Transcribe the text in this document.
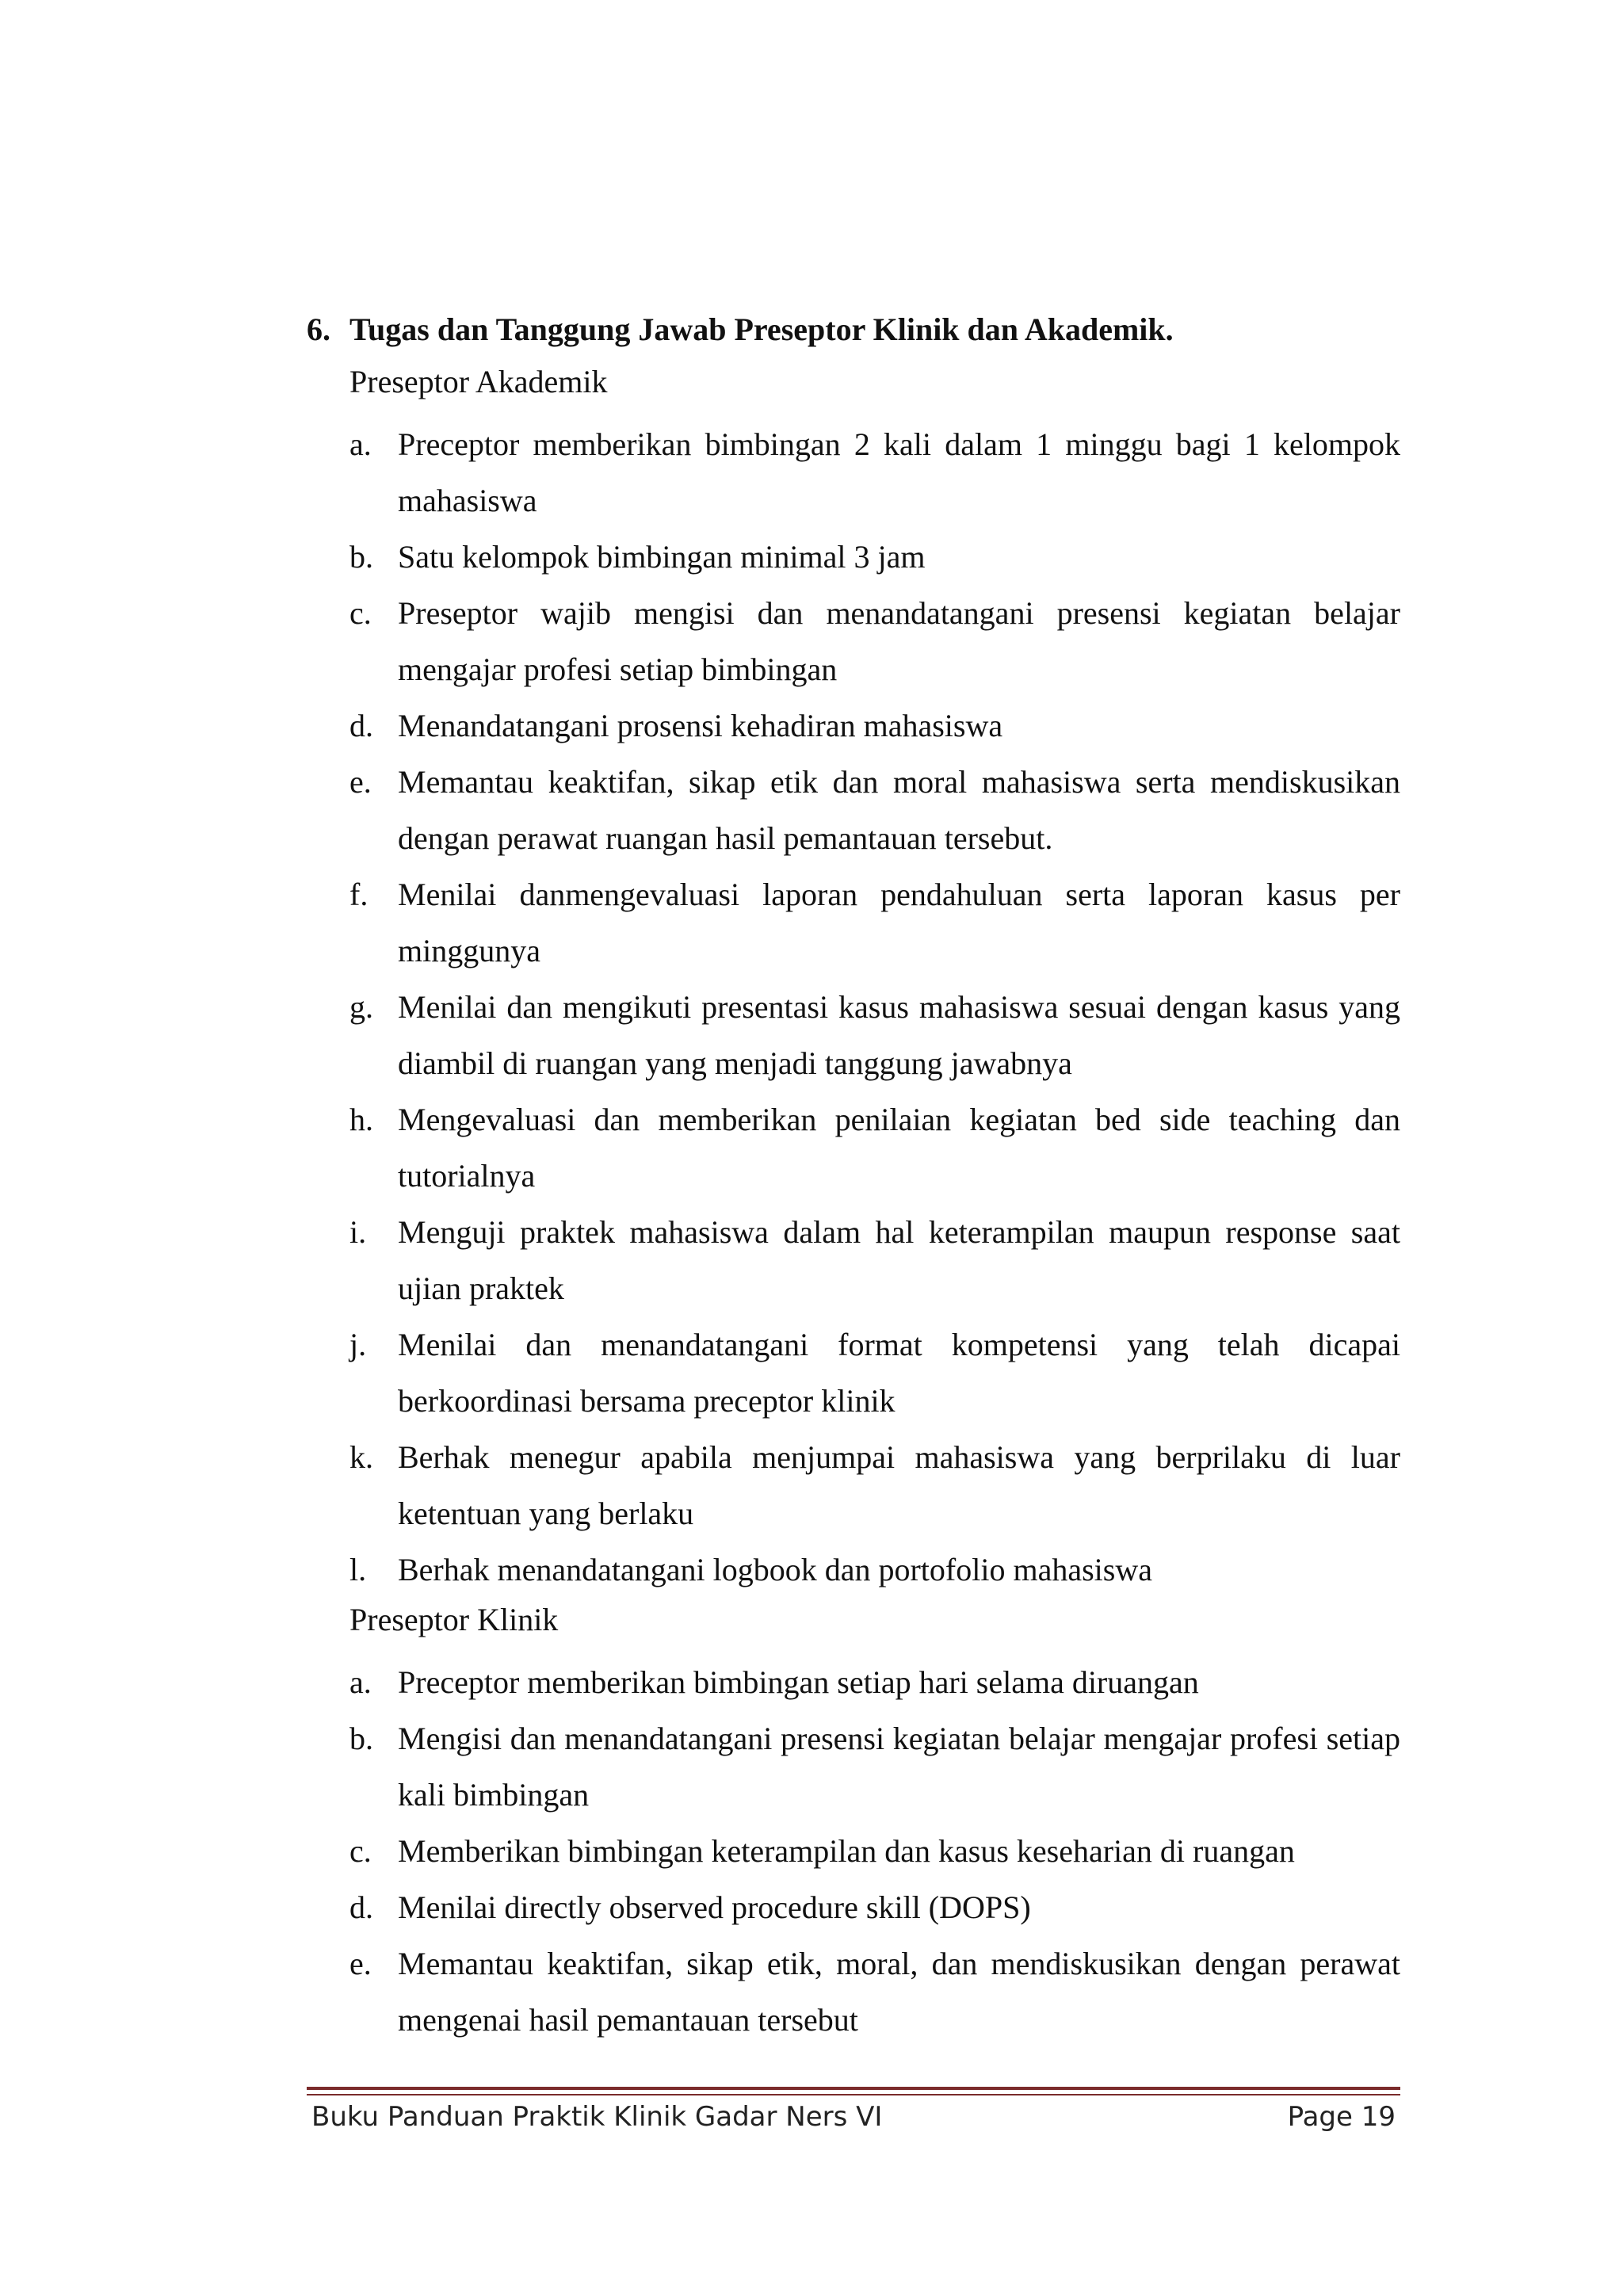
6. Tugas dan Tanggung Jawab Preseptor Klinik dan Akademik.
Preseptor Akademik
a. Preceptor memberikan bimbingan 2 kali dalam 1 minggu bagi 1 kelompok mahasiswa
b. Satu kelompok bimbingan minimal 3 jam
c. Preseptor wajib mengisi dan menandatangani presensi kegiatan belajar mengajar profesi setiap bimbingan
d. Menandatangani prosensi kehadiran mahasiswa
e. Memantau keaktifan, sikap etik dan moral mahasiswa serta mendiskusikan dengan perawat ruangan hasil pemantauan tersebut.
f. Menilai danmengevaluasi laporan pendahuluan serta laporan kasus per minggunya
g. Menilai dan mengikuti presentasi kasus mahasiswa sesuai dengan kasus yang diambil di ruangan yang menjadi tanggung jawabnya
h. Mengevaluasi dan memberikan penilaian kegiatan bed side teaching dan tutorialnya
i. Menguji praktek mahasiswa dalam hal keterampilan maupun response saat ujian praktek
j. Menilai dan menandatangani format kompetensi yang telah dicapai berkoordinasi bersama preceptor klinik
k. Berhak menegur apabila menjumpai mahasiswa yang berprilaku di luar ketentuan yang berlaku
l. Berhak menandatangani logbook dan portofolio mahasiswa
Preseptor Klinik
a. Preceptor memberikan bimbingan setiap hari selama diruangan
b. Mengisi dan menandatangani presensi kegiatan belajar mengajar profesi setiap kali bimbingan
c. Memberikan bimbingan keterampilan dan kasus keseharian di ruangan
d. Menilai directly observed procedure skill (DOPS)
e. Memantau keaktifan, sikap etik, moral, dan mendiskusikan dengan perawat mengenai hasil pemantauan tersebut
Buku Panduan Praktik Klinik Gadar Ners VI	Page 19
